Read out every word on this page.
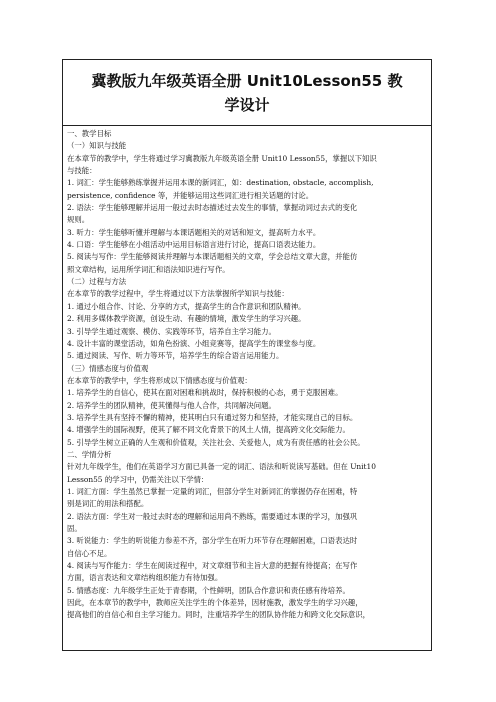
冀教版九年级英语全册 Unit10Lesson55 教
学设计

一、教学目标

（一）知识与技能

在本章节的教学中，学生将通过学习冀教版九年级英语全册 Unit10 Lesson55，掌握以下知识

与技能：

1. 词汇：学生能够熟练掌握并运用本课的新词汇，如：destination, obstacle, accomplish,

persistence, confidence 等，并能够运用这些词汇进行相关话题的讨论。

2. 语法：学生能够理解并运用一般过去时态描述过去发生的事情，掌握动词过去式的变化

规则。

3. 听力：学生能够听懂并理解与本课话题相关的对话和短文，提高听力水平。

4. 口语：学生能够在小组活动中运用目标语言进行讨论，提高口语表达能力。

5. 阅读与写作：学生能够阅读并理解与本课话题相关的文章，学会总结文章大意，并能仿

照文章结构，运用所学词汇和语法知识进行写作。

（二）过程与方法

在本章节的教学过程中，学生将通过以下方法掌握所学知识与技能：

1. 通过小组合作、讨论、分享的方式，提高学生的合作意识和团队精神。

2. 利用多媒体教学资源，创设生动、有趣的情境，激发学生的学习兴趣。

3. 引导学生通过观察、模仿、实践等环节，培养自主学习能力。

4. 设计丰富的课堂活动，如角色扮演、小组竞赛等，提高学生的课堂参与度。

5. 通过阅读、写作、听力等环节，培养学生的综合语言运用能力。

（三）情感态度与价值观

在本章节的教学中，学生将形成以下情感态度与价值观：

1. 培养学生的自信心，使其在面对困难和挑战时，保持积极的心态，勇于克服困难。

2. 培养学生的团队精神，使其懂得与他人合作，共同解决问题。

3. 培养学生具有坚持不懈的精神，使其明白只有通过努力和坚持，才能实现自己的目标。

4. 增强学生的国际视野，使其了解不同文化背景下的风土人情，提高跨文化交际能力。

5. 引导学生树立正确的人生观和价值观，关注社会、关爱他人，成为有责任感的社会公民。

二、学情分析

针对九年级学生，他们在英语学习方面已具备一定的词汇、语法和听说读写基础。但在 Unit10

Lesson55 的学习中，仍需关注以下学情：

1. 词汇方面：学生虽然已掌握一定量的词汇，但部分学生对新词汇的掌握仍存在困难，特

别是词汇的用法和搭配。

2. 语法方面：学生对一般过去时态的理解和运用尚不熟练，需要通过本课的学习，加强巩

固。

3. 听说能力：学生的听说能力参差不齐，部分学生在听力环节存在理解困难，口语表达时

自信心不足。

4. 阅读与写作能力：学生在阅读过程中，对文章细节和主旨大意的把握有待提高；在写作

方面，语言表达和文章结构组织能力有待加强。

5. 情感态度：九年级学生正处于青春期，个性鲜明，团队合作意识和责任感有待培养。

因此，在本章节的教学中，教师应关注学生的个体差异，因材施教，激发学生的学习兴趣，

提高他们的自信心和自主学习能力。同时，注重培养学生的团队协作能力和跨文化交际意识，
